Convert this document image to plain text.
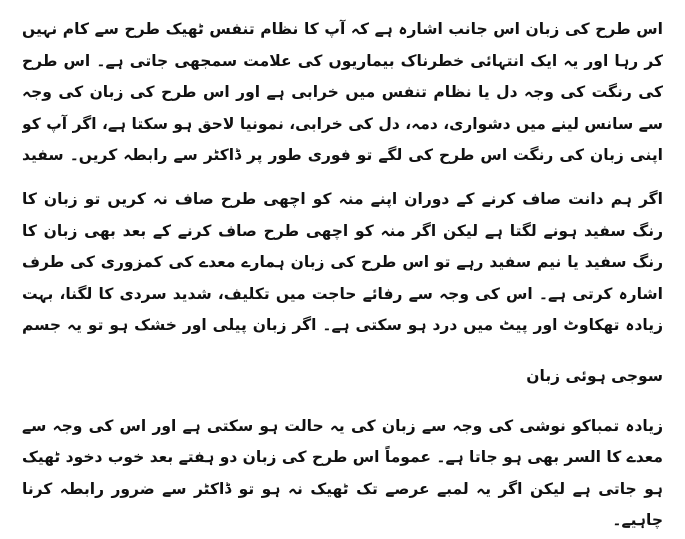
اس طرح کی زبان اس جانب اشارہ ہے کہ آپ کا نظام تنفس ٹھیک طرح سے کام نہیں کر رہا اور یہ ایک انتہائی خطرناک بیماریوں کی علامت سمجھی جاتی ہے۔ اس طرح کی رنگت کی وجہ دل یا نظام تنفس میں خرابی ہے اور اس طرح کی زبان کی وجہ سے سانس لینے میں دشواری، دمہ، دل کی خرابی، نمونیا لاحق ہو سکتا ہے، اگر آپ کو اپنی زبان کی رنگت اس طرح کی لگے تو فوری طور پر ڈاکٹر سے رابطہ کریں۔ سفید

اگر ہم دانت صاف کرنے کے دوران اپنے منہ کو اچھی طرح صاف نہ کریں تو زبان کا رنگ سفید ہونے لگتا ہے لیکن اگر منہ کو اچھی طرح صاف کرنے کے بعد بھی زبان کا رنگ سفید یا نیم سفید رہے تو اس طرح کی زبان ہمارے معدے کی کمزوری کی طرف اشارہ کرتی ہے۔ اس کی وجہ سے رفائے حاجت میں تکلیف، شدید سردی کا لگنا، بہت زیادہ تھکاوٹ اور پیٹ میں درد ہو سکتی ہے۔ اگر زبان پیلی اور خشک ہو تو یہ جسم

سوجی ہوئی زبان

زیادہ تمباکو نوشی کی وجہ سے زبان کی یہ حالت ہو سکتی ہے اور اس کی وجہ سے معدے کا السر بھی ہو جاتا ہے۔ عموماً اس طرح کی زبان دو ہفتے بعد خوب دخود ٹھیک ہو جاتی ہے لیکن اگر یہ لمبے عرصے تک ٹھیک نہ ہو تو ڈاکٹر سے ضرور رابطہ کرنا چاہیے۔
